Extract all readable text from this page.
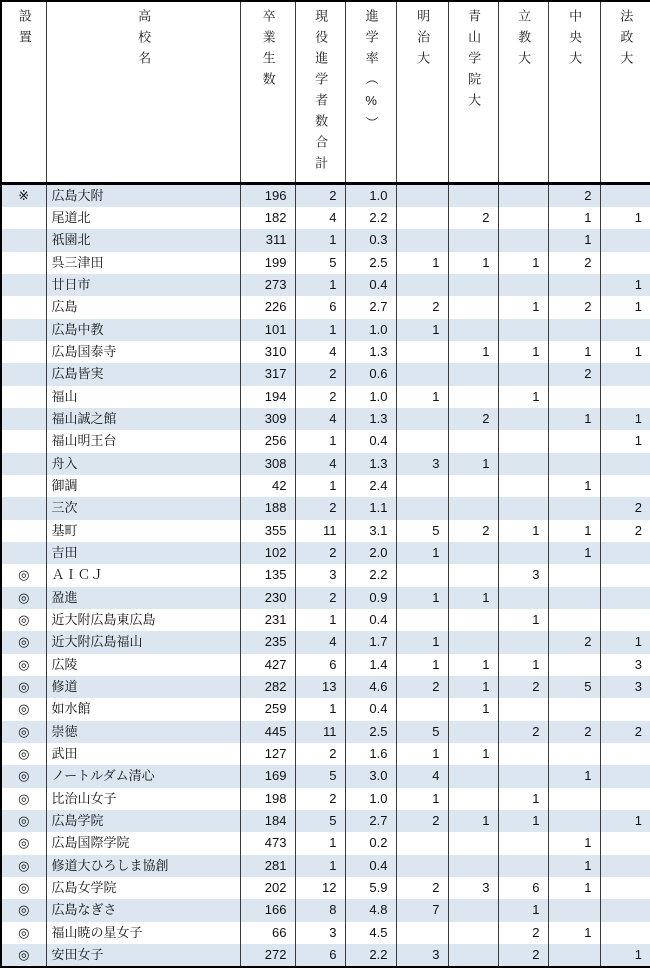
設置	高校名	卒業生数	現役進学者数合計	進学率（%）	明治大	青山学院大	立教大	中央大	法政大
※	広島大附	196	2	1.0				2	
	尾道北	182	4	2.2		2		1	1
	祇園北	311	1	0.3				1	
	呉三津田	199	5	2.5	1	1	1	2	
	廿日市	273	1	0.4					1
	広島	226	6	2.7	2		1	2	1
	広島中教	101	1	1.0	1				
	広島国泰寺	310	4	1.3		1	1	1	1
	広島皆実	317	2	0.6				2	
	福山	194	2	1.0	1		1		
	福山誠之館	309	4	1.3		2		1	1
	福山明王台	256	1	0.4					1
	舟入	308	4	1.3	3	1			
	御調	42	1	2.4				1	
	三次	188	2	1.1					2
	基町	355	11	3.1	5	2	1	1	2
	吉田	102	2	2.0	1			1	
◎	ＡＩＣＪ	135	3	2.2			3		
◎	盈進	230	2	0.9	1	1			
◎	近大附広島東広島	231	1	0.4			1		
◎	近大附広島福山	235	4	1.7	1			2	1
◎	広陵	427	6	1.4	1	1	1		3
◎	修道	282	13	4.6	2	1	2	5	3
◎	如水館	259	1	0.4		1			
◎	崇徳	445	11	2.5	5		2	2	2
◎	武田	127	2	1.6	1	1			
◎	ノートルダム清心	169	5	3.0	4			1	
◎	比治山女子	198	2	1.0	1		1		
◎	広島学院	184	5	2.7	2	1	1		1
◎	広島国際学院	473	1	0.2				1	
◎	修道大ひろしま協創	281	1	0.4				1	
◎	広島女学院	202	12	5.9	2	3	6	1	
◎	広島なぎさ	166	8	4.8	7		1		
◎	福山暁の星女子	66	3	4.5			2	1	
◎	安田女子	272	6	2.2	3		2		1
